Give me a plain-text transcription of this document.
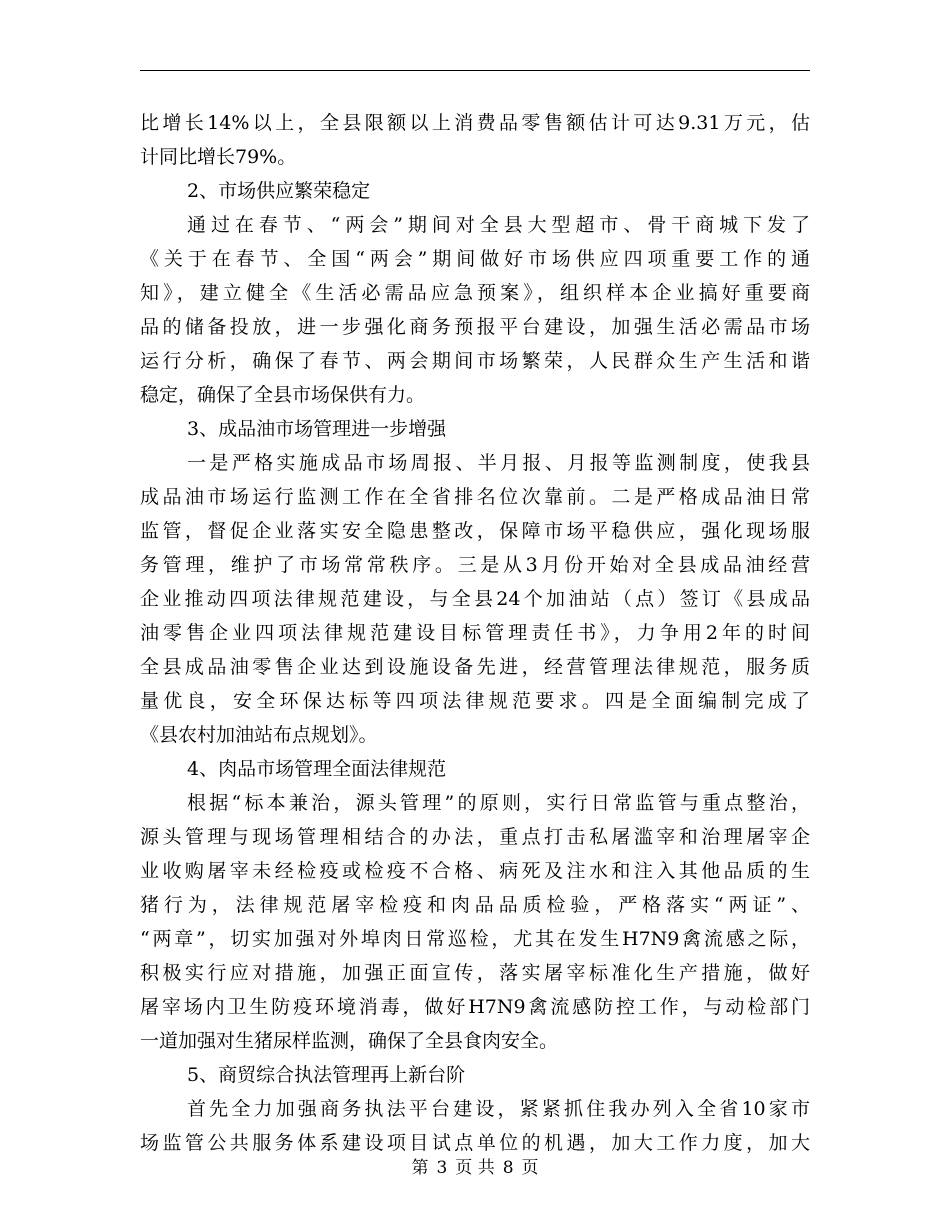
比增长14%以上，全县限额以上消费品零售额估计可达9.31万元，估
计同比增长79%。
2、市场供应繁荣稳定
通过在春节、“两会”期间对全县大型超市、骨干商城下发了
《关于在春节、全国“两会”期间做好市场供应四项重要工作的通
知》，建立健全《生活必需品应急预案》，组织样本企业搞好重要商
品的储备投放，进一步强化商务预报平台建设，加强生活必需品市场
运行分析，确保了春节、两会期间市场繁荣，人民群众生产生活和谐
稳定，确保了全县市场保供有力。
3、成品油市场管理进一步增强
一是严格实施成品市场周报、半月报、月报等监测制度，使我县
成品油市场运行监测工作在全省排名位次靠前。二是严格成品油日常
监管，督促企业落实安全隐患整改，保障市场平稳供应，强化现场服
务管理，维护了市场常常秩序。三是从3月份开始对全县成品油经营
企业推动四项法律规范建设，与全县24个加油站（点）签订《县成品
油零售企业四项法律规范建设目标管理责任书》，力争用2年的时间
全县成品油零售企业达到设施设备先进，经营管理法律规范，服务质
量优良，安全环保达标等四项法律规范要求。四是全面编制完成了
《县农村加油站布点规划》。
4、肉品市场管理全面法律规范
根据“标本兼治，源头管理”的原则，实行日常监管与重点整治，
源头管理与现场管理相结合的办法，重点打击私屠滥宰和治理屠宰企
业收购屠宰未经检疫或检疫不合格、病死及注水和注入其他品质的生
猪行为，法律规范屠宰检疫和肉品品质检验，严格落实“两证”、
“两章”，切实加强对外埠肉日常巡检，尤其在发生H7N9禽流感之际，
积极实行应对措施，加强正面宣传，落实屠宰标准化生产措施，做好
屠宰场内卫生防疫环境消毒，做好H7N9禽流感防控工作，与动检部门
一道加强对生猪尿样监测，确保了全县食肉安全。
5、商贸综合执法管理再上新台阶
首先全力加强商务执法平台建设，紧紧抓住我办列入全省10家市
场监管公共服务体系建设项目试点单位的机遇，加大工作力度，加大
第 3 页 共 8 页
